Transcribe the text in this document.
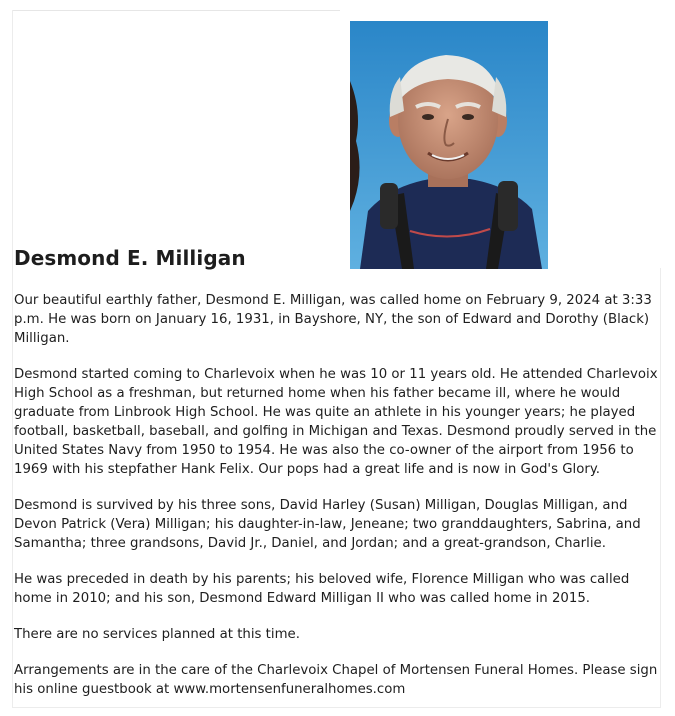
Desmond E. Milligan

Our beautiful earthly father, Desmond E. Milligan, was called home on February 9, 2024 at 3:33 p.m. He was born on January 16, 1931, in Bayshore, NY, the son of Edward and Dorothy (Black) Milligan.

Desmond started coming to Charlevoix when he was 10 or 11 years old. He attended Charlevoix High School as a freshman, but returned home when his father became ill, where he would graduate from Linbrook High School. He was quite an athlete in his younger years; he played football, basketball, baseball, and golfing in Michigan and Texas. Desmond proudly served in the United States Navy from 1950 to 1954. He was also the co-owner of the airport from 1956 to 1969 with his stepfather Hank Felix. Our pops had a great life and is now in God's Glory.

Desmond is survived by his three sons, David Harley (Susan) Milligan, Douglas Milligan, and Devon Patrick (Vera) Milligan; his daughter-in-law, Jeneane; two granddaughters, Sabrina, and Samantha; three grandsons, David Jr., Daniel, and Jordan; and a great-grandson, Charlie.

He was preceded in death by his parents; his beloved wife, Florence Milligan who was called home in 2010; and his son, Desmond Edward Milligan II who was called home in 2015.

There are no services planned at this time.

Arrangements are in the care of the Charlevoix Chapel of Mortensen Funeral Homes. Please sign his online guestbook at www.mortensenfuneralhomes.com
